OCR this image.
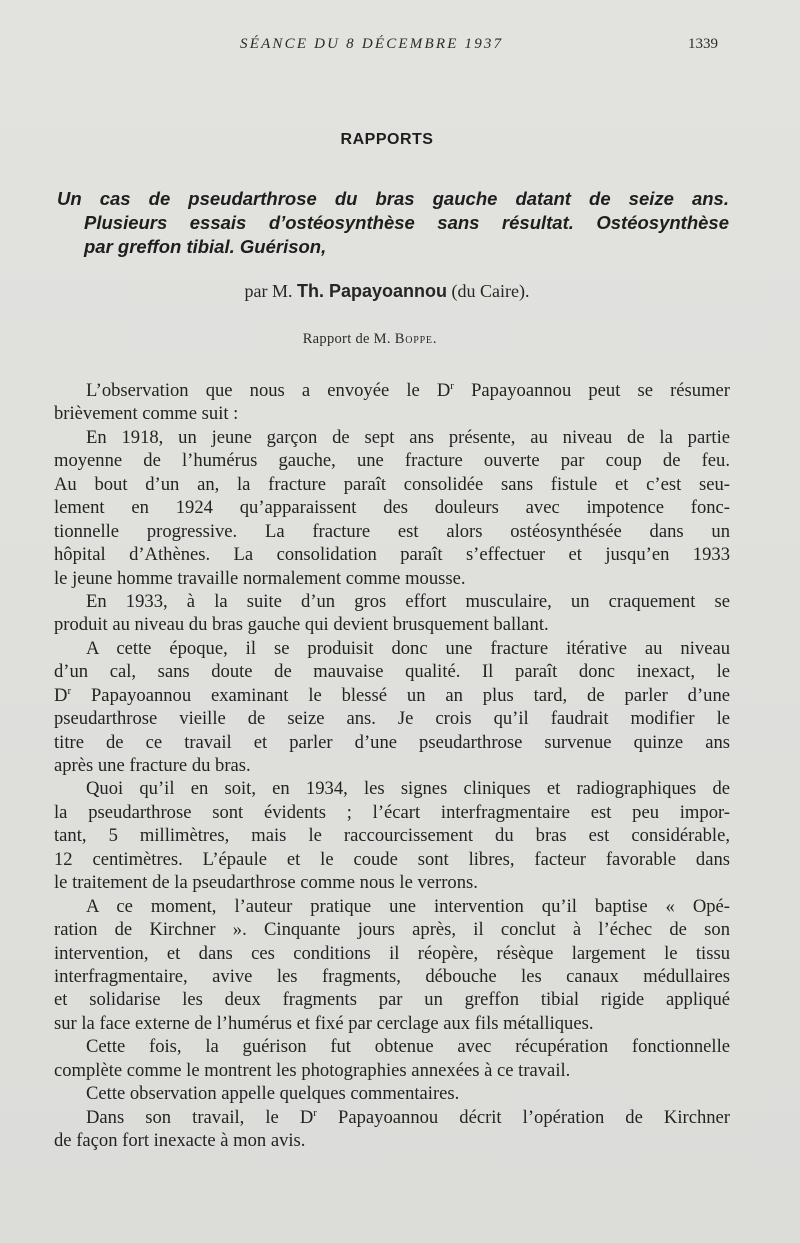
SÉANCE DU 8 DÉCEMBRE 1937	1339
RAPPORTS
Un cas de pseudarthrose du bras gauche datant de seize ans.
Plusieurs essais d’ostéosynthèse sans résultat. Ostéosynthèse
par greffon tibial. Guérison,
par M. Th. Papayoannou (du Caire).
Rapport de M. Boppe.
L’observation que nous a envoyée le $D^r$ Papayoannou peut se résumer
brièvement comme suit :
En 1918, un jeune garçon de sept ans présente, au niveau de la partie
moyenne de l’humérus gauche, une fracture ouverte par coup de feu.
Au bout d’un an, la fracture paraît consolidée sans fistule et c’est seu-
lement en 1924 qu’apparaissent des douleurs avec impotence fonc-
tionnelle progressive. La fracture est alors ostéosynthésée dans un
hôpital d’Athènes. La consolidation paraît s’effectuer et jusqu’en 1933
le jeune homme travaille normalement comme mousse.
En 1933, à la suite d’un gros effort musculaire, un craquement se
produit au niveau du bras gauche qui devient brusquement ballant.
A cette époque, il se produisit donc une fracture itérative au niveau
d’un cal, sans doute de mauvaise qualité. Il paraît donc inexact, le
$D^r$ Papayoannou examinant le blessé un an plus tard, de parler d’une
pseudarthrose vieille de seize ans. Je crois qu’il faudrait modifier le
titre de ce travail et parler d’une pseudarthrose survenue quinze ans
après une fracture du bras.
Quoi qu’il en soit, en 1934, les signes cliniques et radiographiques de
la pseudarthrose sont évidents ; l’écart interfragmentaire est peu impor-
tant, 5 millimètres, mais le raccourcissement du bras est considérable,
12 centimètres. L’épaule et le coude sont libres, facteur favorable dans
le traitement de la pseudarthrose comme nous le verrons.
A ce moment, l’auteur pratique une intervention qu’il baptise « Opé-
ration de Kirchner ». Cinquante jours après, il conclut à l’échec de son
intervention, et dans ces conditions il réopère, résèque largement le tissu
interfragmentaire, avive les fragments, débouche les canaux médullaires
et solidarise les deux fragments par un greffon tibial rigide appliqué
sur la face externe de l’humérus et fixé par cerclage aux fils métalliques.
Cette fois, la guérison fut obtenue avec récupération fonctionnelle
complète comme le montrent les photographies annexées à ce travail.
Cette observation appelle quelques commentaires.
Dans son travail, le $D^r$ Papayoannou décrit l’opération de Kirchner
de façon fort inexacte à mon avis.
